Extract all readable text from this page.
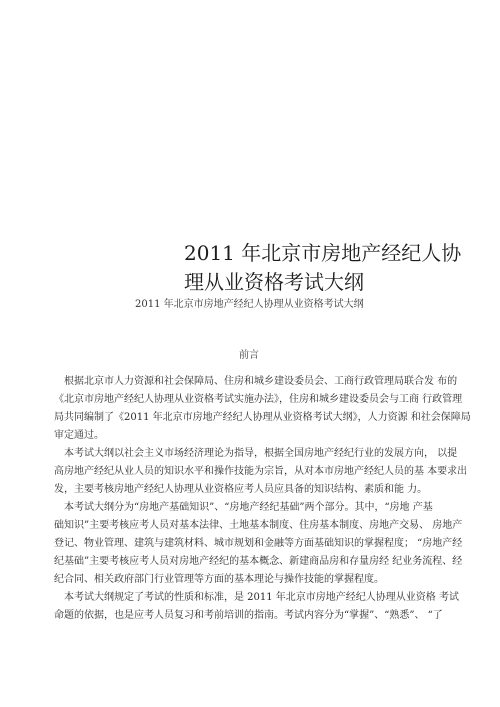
2011 年北京市房地产经纪人协
理从业资格考试大纲
2011 年北京市房地产经纪人协理从业资格考试大纲
前言
根据北京市人力资源和社会保障局、住房和城乡建设委员会、工商行政管理局联合发 布的
《北京市房地产经纪人协理从业资格考试实施办法》，住房和城乡建设委员会与工商 行政管理
局共同编制了《2011 年北京市房地产经纪人协理从业资格考试大纲》，人力资源 和社会保障局
审定通过。
本考试大纲以社会主义市场经济理论为指导，根据全国房地产经纪行业的发展方向， 以提
高房地产经纪从业人员的知识水平和操作技能为宗旨，从对本市房地产经纪人员的基 本要求出
发，主要考核房地产经纪人协理从业资格应考人员应具备的知识结构、素质和能 力。
本考试大纲分为“房地产基础知识”、“房地产经纪基础”两个部分。其中，“房地 产基
础知识”主要考核应考人员对基本法律、土地基本制度、住房基本制度、房地产交易、 房地产
登记、物业管理、建筑与建筑材料、城市规划和金融等方面基础知识的掌握程度； “房地产经
纪基础”主要考核应考人员对房地产经纪的基本概念、新建商品房和存量房经 纪业务流程、经
纪合同、相关政府部门行业管理等方面的基本理论与操作技能的掌握程度。
本考试大纲规定了考试的性质和标准，是 2011 年北京市房地产经纪人协理从业资格 考试
命题的依据，也是应考人员复习和考前培训的指南。考试内容分为“掌握”、“熟悉”、 “了
